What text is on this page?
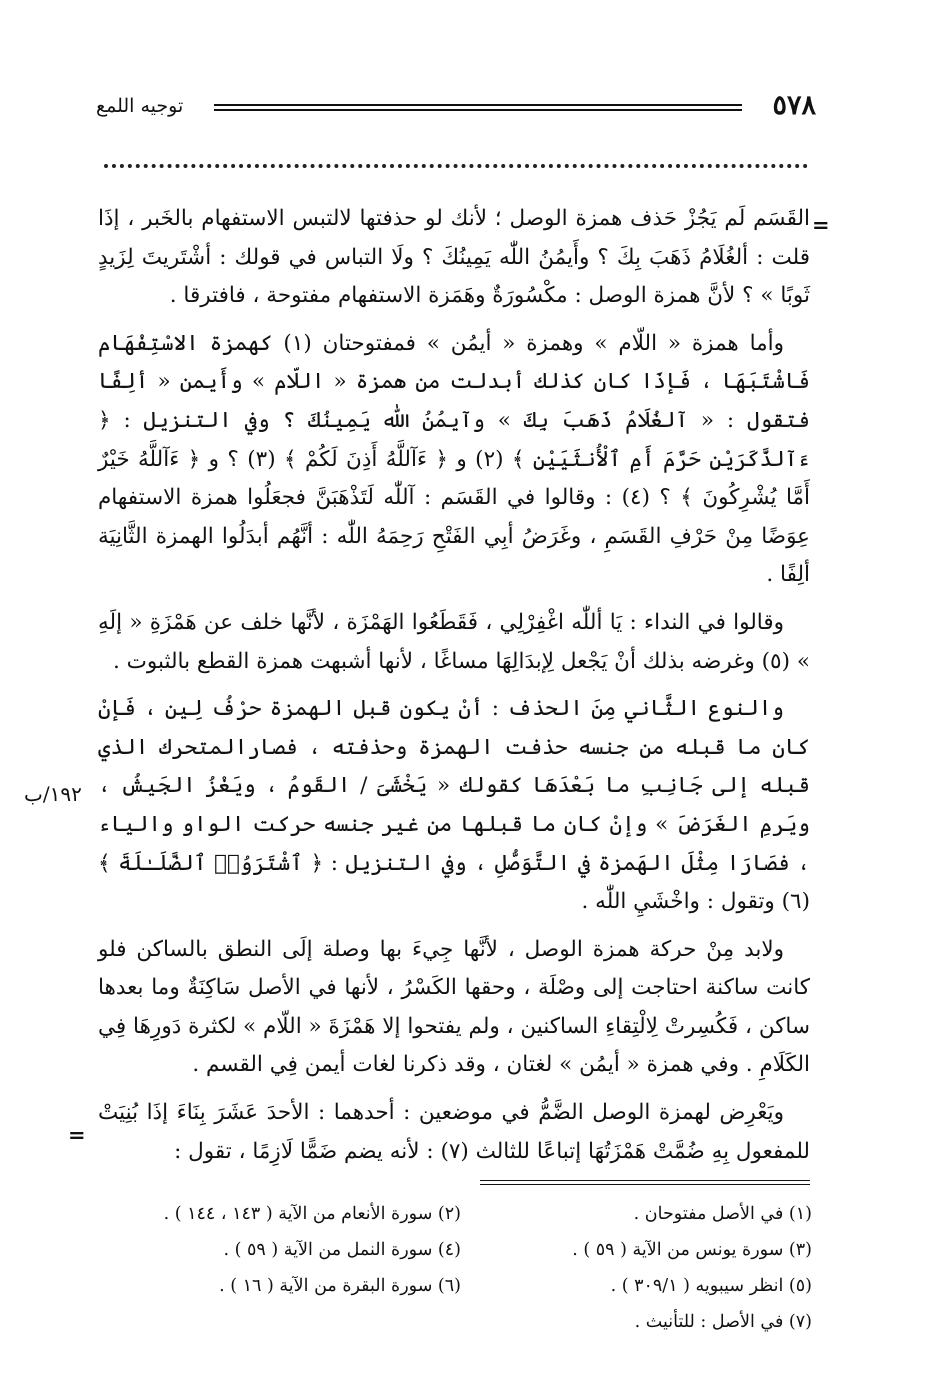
٥٧٨
توجيه اللمع
=

القَسَم لَم يَجُزْ حَذف همزة الوصل ؛ لأنك لو حذفتها لالتبس الاستفهام بالخَبر ، إذَا قلت : ألغُلَامُ ذَهَبَ بِكَ ؟ وأَيمُنُ اللّٰه يَمِينُكَ ؟ ولَا التباس في قولك : أشْتَريتَ لِزَيدٍ ثَوبًا » ؟ لأنَّ همزة الوصل : مكْسُورَةٌ وهَمَزة الاستفهام مفتوحة ، فافترقا .

وأما همزة « اللّام » وهمزة « أيمُن » فمفتوحتان (١) كهمزة الاسْتِفْهَام فَاشْتَبَهَا ، فَإذَا كان كذلك أبدلت من همزة « اللّام » وأَيمن « ألِفًا فتقول : « آلغُلَامُ ذَهَبَ بِكَ » وآيمُنُ اللّٰه يَمِينُكَ ؟ وفي التنزيل : ﴿ ءَآلذَّكَرَيْنِ حَرَّمَ أَمِ ٱلْأُنثَيَيْنِ ﴾ (٢) و ﴿ ءَآللَّهُ أَذِنَ لَكُمْ ﴾ (٣) ؟ و ﴿ ءَآللَّهُ خَيْرٌ أَمَّا يُشْرِكُونَ ﴾ ؟ (٤) : وقالوا في القَسَم : آللّٰه لَتَذْهَبَنَّ فجعَلُوا همزة الاستفهام عِوَضًا مِنْ حَرْفِ القَسَمِ ، وغَرَضُ أبِي الفَتْحِ رَحِمَهُ اللّٰه : أنَّهُم أبدَلُوا الهمزة الثَّانِيَة ألِفًا .

وقالوا في النداء : يَا أللّٰه اغْفِرْلِي ، فَقَطَعُوا الهَمْزَة ، لأنَّها خلف عن هَمْزَةِ « إلَهِ » (٥) وغرضه بذلك أنْ يَجْعل لِإبدَالِهَا مساغًا ، لأنها أشبهت همزة القطع بالثبوت .

والنوع الثَّاني مِنَ الحذف : أنْ يكون قبل الهمزة حرْفُ لِين ، فَإنْ كان ما قبله من جنسه حذفت الهمزة وحذفته ، فصارالمتحرك الذي قبله إلى جَانِبِ ما بَعْدَهَا كقولك « يَخْشَىَ / القَومُ ، ويَغْزُ الجَيشُ ، ويَرمِ الغَرَضَ » وإنْ كان ما قبلها من غير جنسه حركت الواو والياء ، فصَارَا مِثْلَ الهَمزة في التَّوَصُّلِ ، وفي التنزيل : ﴿ ٱشْتَرَوُا۟ ٱلضَّلَـٰلَةَ ﴾ (٦) وتقول : واخْشَيِ اللّٰه .

ولابد مِنْ حركة همزة الوصل ، لأنَّها جِيءَ بها وصلة إلَى النطق بالساكن فلو كانت ساكنة احتاجت إلى وصْلَة ، وحقها الكَسْرُ ، لأنها في الأصل سَاكِنَةٌ وما بعدها ساكن ، فَكُسِرتْ لِالْتِقاءِ الساكنين ، ولم يفتحوا إلا هَمْزَةَ « اللّام » لكثرة دَورِهَا فِي الكَلَامِ . وفي همزة « أيمُن » لغتان ، وقد ذكرنا لغات أيمن فِي القسم .

ويَعْرِض لهمزة الوصل الضَّمُّ في موضعين : أحدهما : الأحدَ عَشَرَ بِنَاءَ إذَا بُنِيَتْ للمفعول بِهِ ضُمَّتْ هَمْزَتُهَا إتباعًا للثالث (٧) : لأنه يضم ضَمًّا لَازِمًا ، تقول :

١٩٢/ب
=
(١) في الأصل مفتوحان .
(٢) سورة الأنعام من الآية ( ١٤٣ ، ١٤٤ ) .
(٣) سورة يونس من الآية ( ٥٩ ) .
(٤) سورة النمل من الآية ( ٥٩ ) .
(٥) انظر سيبويه ( ٣٠٩/١ ) .
(٦) سورة البقرة من الآية ( ١٦ ) .
(٧) في الأصل : للتأنيث .
